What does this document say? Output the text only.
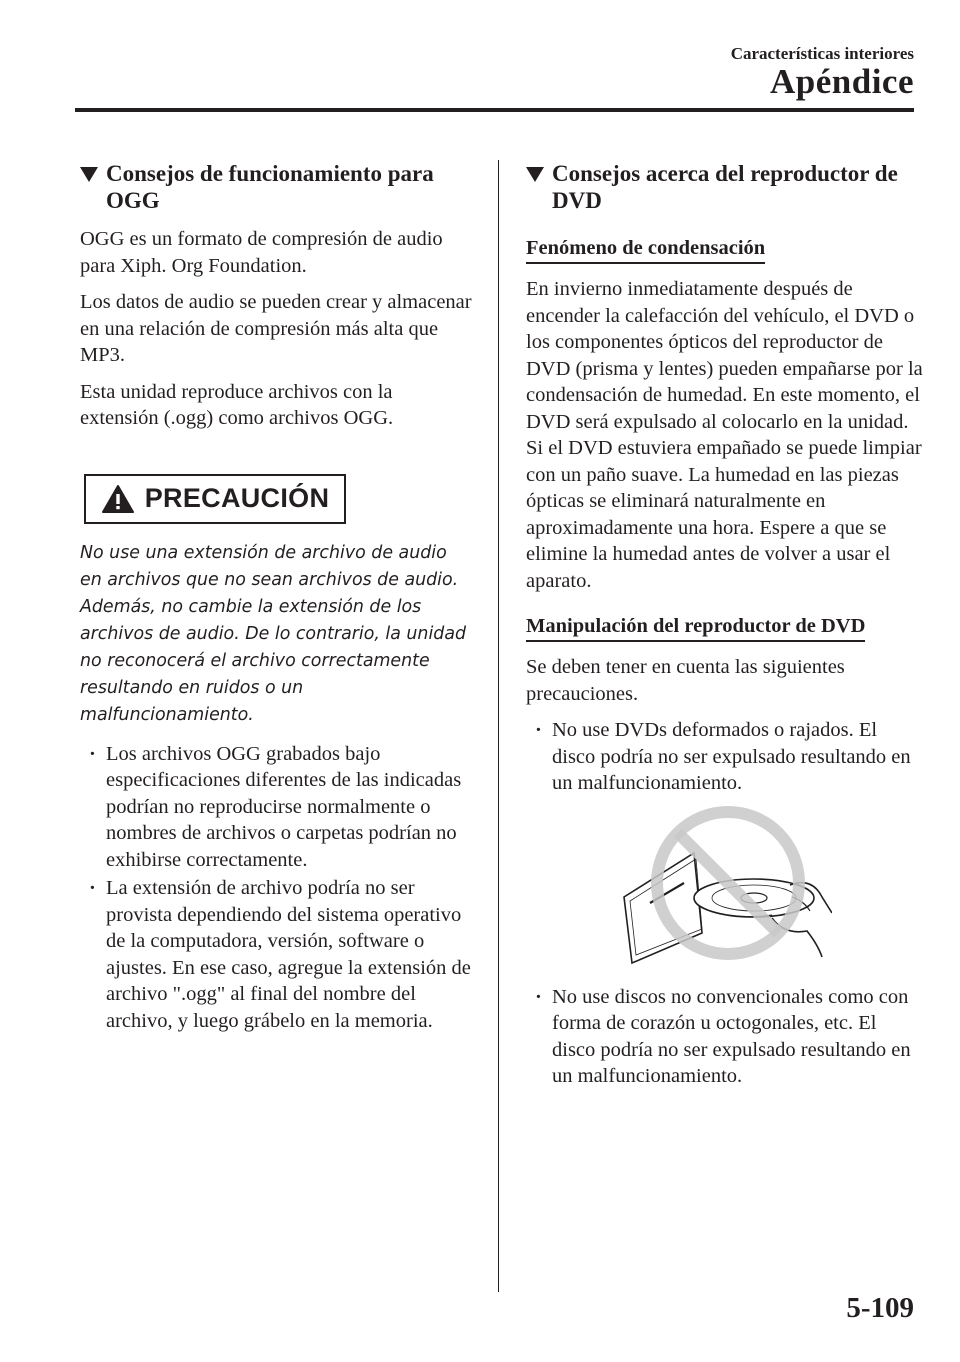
Características interiores
Apéndice
Consejos de funcionamiento para OGG

OGG es un formato de compresión de audio para Xiph. Org Foundation.

Los datos de audio se pueden crear y almacenar en una relación de compresión más alta que MP3.

Esta unidad reproduce archivos con la extensión (.ogg) como archivos OGG.

PRECAUCIÓN

No use una extensión de archivo de audio en archivos que no sean archivos de audio. Además, no cambie la extensión de los archivos de audio. De lo contrario, la unidad no reconocerá el archivo correctamente resultando en ruidos o un malfuncionamiento.

· Los archivos OGG grabados bajo especificaciones diferentes de las indicadas podrían no reproducirse normalmente o nombres de archivos o carpetas podrían no exhibirse correctamente.
· La extensión de archivo podría no ser provista dependiendo del sistema operativo de la computadora, versión, software o ajustes. En ese caso, agregue la extensión de archivo ".ogg" al final del nombre del archivo, y luego grábelo en la memoria.
Consejos acerca del reproductor de DVD
Fenómeno de condensación

En invierno inmediatamente después de encender la calefacción del vehículo, el DVD o los componentes ópticos del reproductor de DVD (prisma y lentes) pueden empañarse por la condensación de humedad. En este momento, el DVD será expulsado al colocarlo en la unidad. Si el DVD estuviera empañado se puede limpiar con un paño suave. La humedad en las piezas ópticas se eliminará naturalmente en aproximadamente una hora. Espere a que se elimine la humedad antes de volver a usar el aparato.

Manipulación del reproductor de DVD

Se deben tener en cuenta las siguientes precauciones.

· No use DVDs deformados o rajados. El disco podría no ser expulsado resultando en un malfuncionamiento.
· No use discos no convencionales como con forma de corazón u octogonales, etc. El disco podría no ser expulsado resultando en un malfuncionamiento.
5-109
